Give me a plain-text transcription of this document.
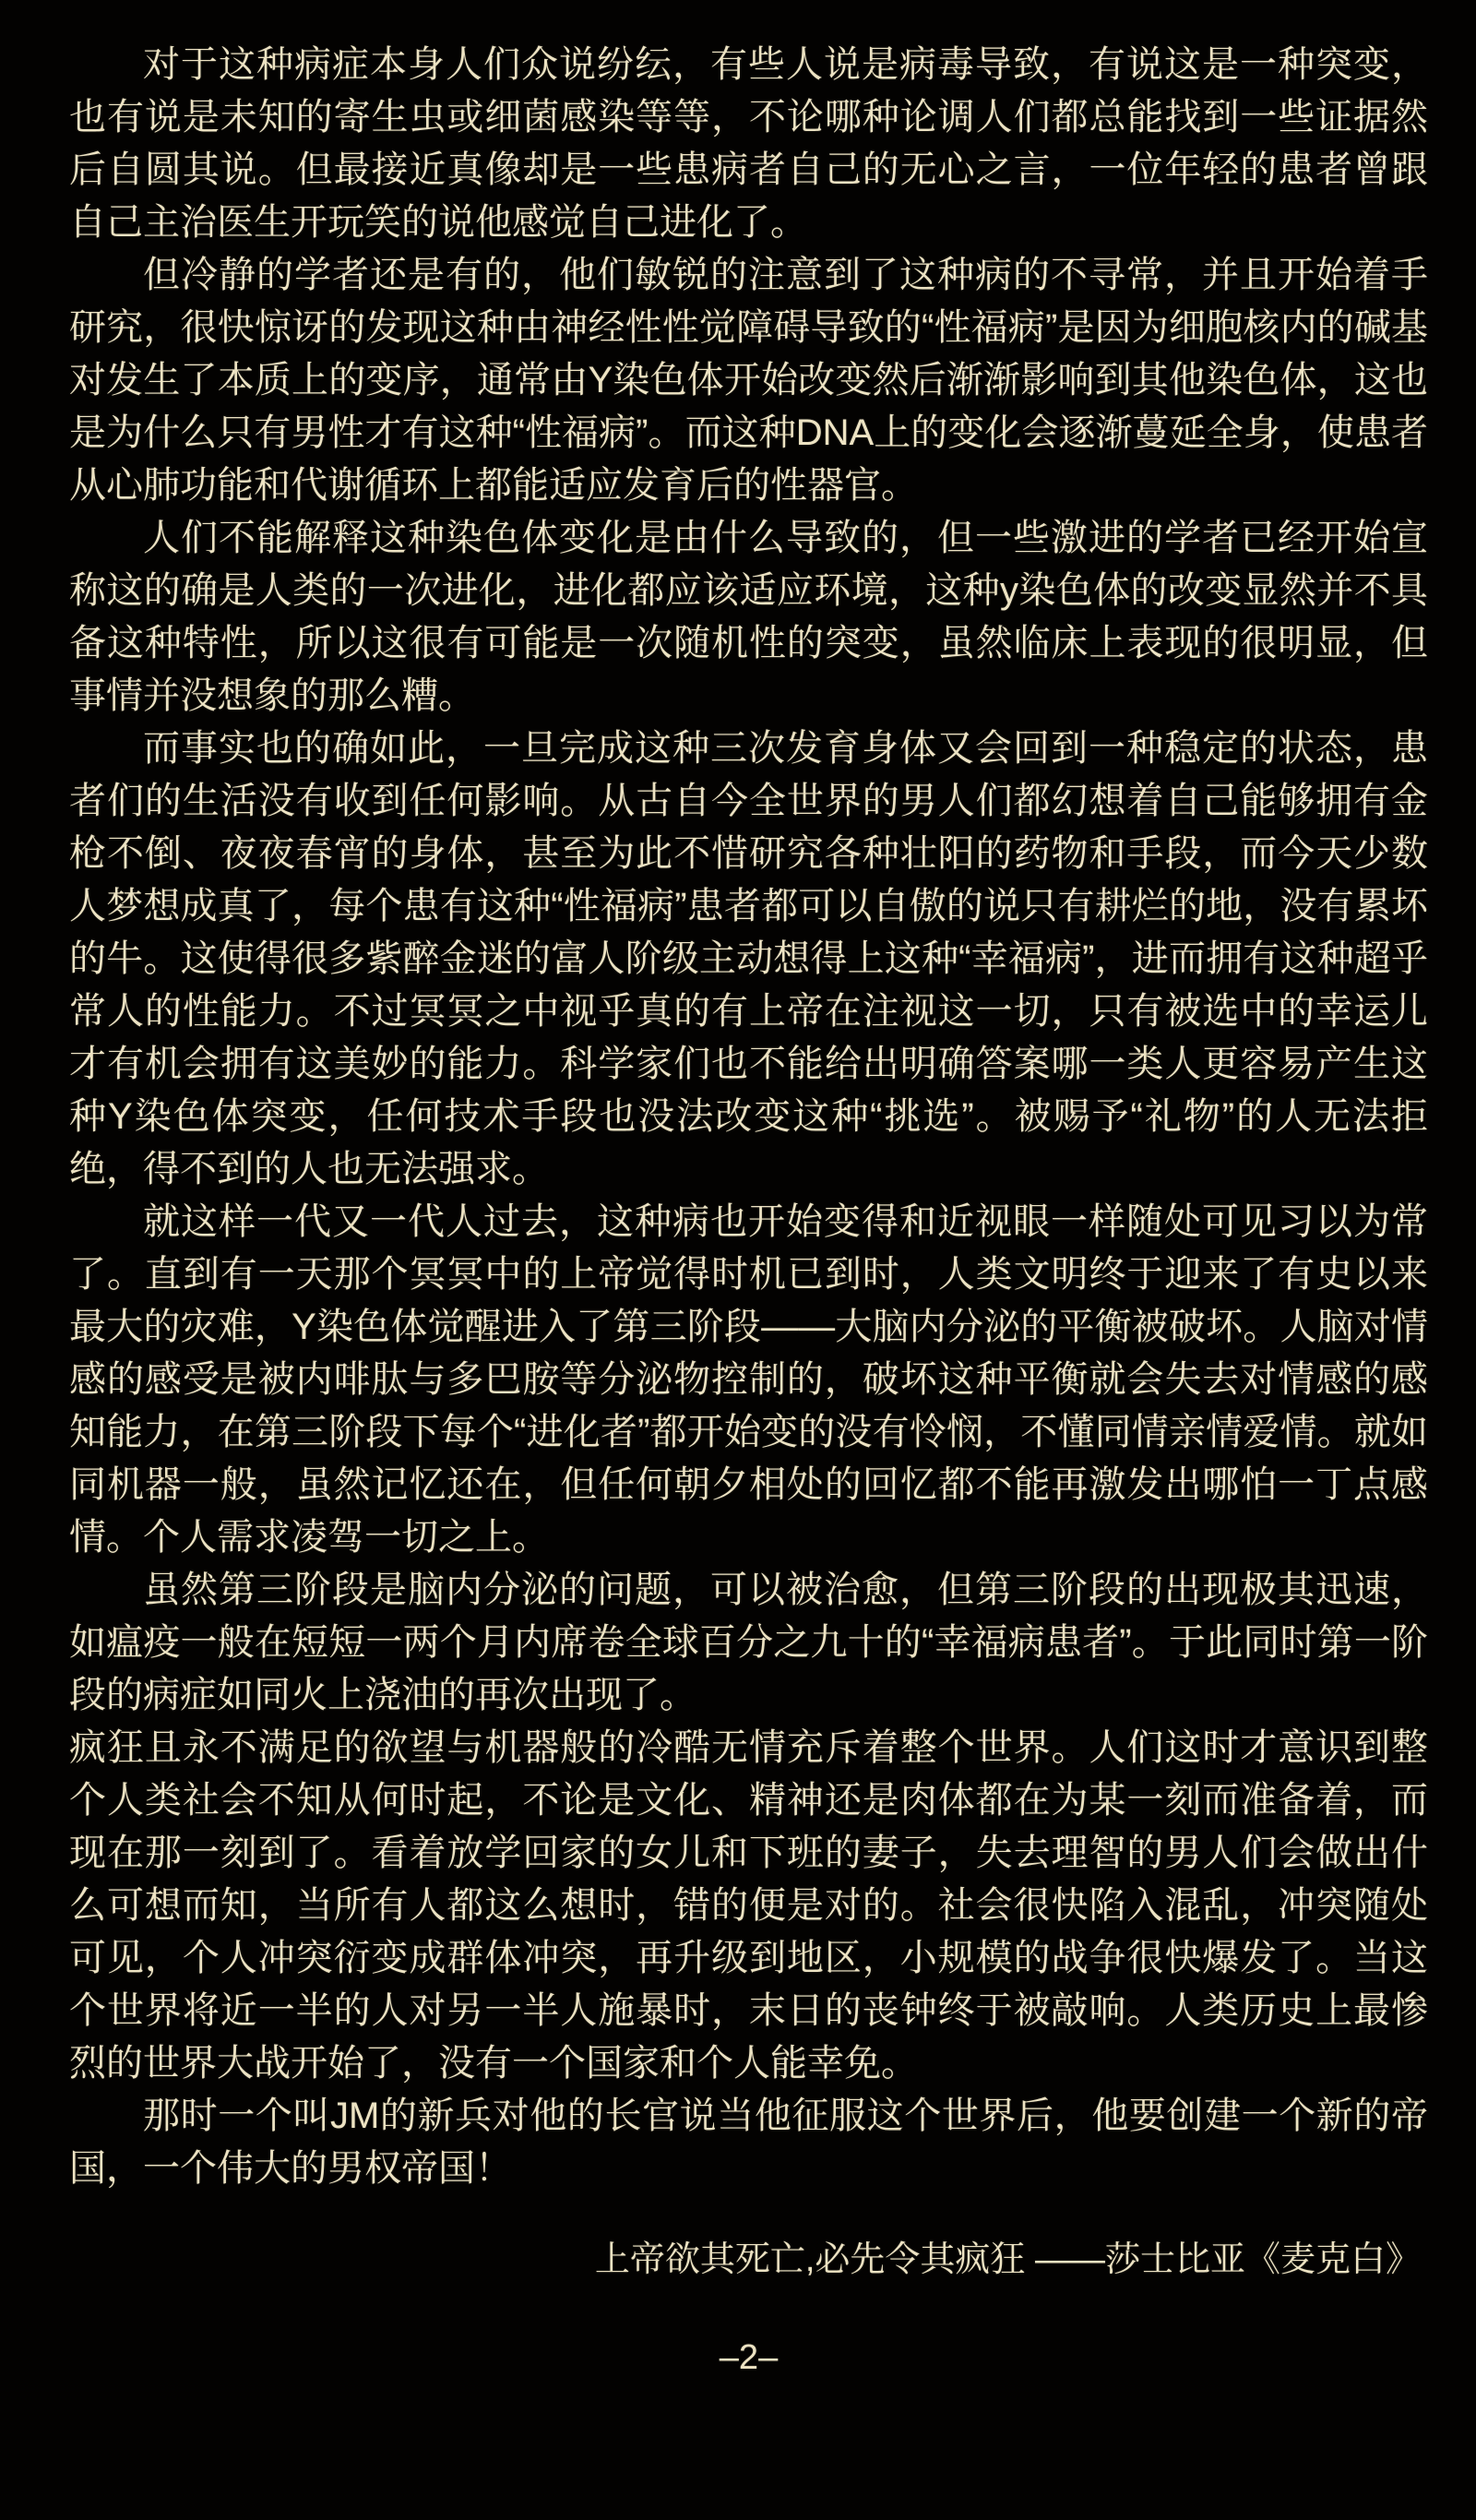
对于这种病症本身人们众说纷纭，有些人说是病毒导致，有说这是一种突变，也有说是未知的寄生虫或细菌感染等等，不论哪种论调人们都总能找到一些证据然后自圆其说。但最接近真像却是一些患病者自己的无心之言，一位年轻的患者曾跟自己主治医生开玩笑的说他感觉自己进化了。

但冷静的学者还是有的，他们敏锐的注意到了这种病的不寻常，并且开始着手研究，很快惊讶的发现这种由神经性性觉障碍导致的“性福病”是因为细胞核内的碱基对发生了本质上的变序，通常由Y染色体开始改变然后渐渐影响到其他染色体，这也是为什么只有男性才有这种“性福病”。而这种DNA上的变化会逐渐蔓延全身，使患者从心肺功能和代谢循环上都能适应发育后的性器官。

人们不能解释这种染色体变化是由什么导致的，但一些激进的学者已经开始宣称这的确是人类的一次进化，进化都应该适应环境，这种y染色体的改变显然并不具备这种特性，所以这很有可能是一次随机性的突变，虽然临床上表现的很明显，但事情并没想象的那么糟。

而事实也的确如此，一旦完成这种三次发育身体又会回到一种稳定的状态，患者们的生活没有收到任何影响。从古自今全世界的男人们都幻想着自己能够拥有金枪不倒、夜夜春宵的身体，甚至为此不惜研究各种壮阳的药物和手段，而今天少数人梦想成真了，每个患有这种“性福病”患者都可以自傲的说只有耕烂的地，没有累坏的牛。这使得很多紫醉金迷的富人阶级主动想得上这种“幸福病”，进而拥有这种超乎常人的性能力。不过冥冥之中视乎真的有上帝在注视这一切，只有被选中的幸运儿才有机会拥有这美妙的能力。科学家们也不能给出明确答案哪一类人更容易产生这种Y染色体突变，任何技术手段也没法改变这种“挑选”。被赐予“礼物”的人无法拒绝，得不到的人也无法强求。

就这样一代又一代人过去，这种病也开始变得和近视眼一样随处可见习以为常了。直到有一天那个冥冥中的上帝觉得时机已到时，人类文明终于迎来了有史以来最大的灾难，Y染色体觉醒进入了第三阶段——大脑内分泌的平衡被破坏。人脑对情感的感受是被内啡肽与多巴胺等分泌物控制的，破坏这种平衡就会失去对情感的感知能力，在第三阶段下每个“进化者”都开始变的没有怜悯，不懂同情亲情爱情。就如同机器一般，虽然记忆还在，但任何朝夕相处的回忆都不能再激发出哪怕一丁点感情。个人需求凌驾一切之上。

虽然第三阶段是脑内分泌的问题，可以被治愈，但第三阶段的出现极其迅速，如瘟疫一般在短短一两个月内席卷全球百分之九十的“幸福病患者”。于此同时第一阶段的病症如同火上浇油的再次出现了。

疯狂且永不满足的欲望与机器般的冷酷无情充斥着整个世界。人们这时才意识到整个人类社会不知从何时起，不论是文化、精神还是肉体都在为某一刻而准备着，而现在那一刻到了。看着放学回家的女儿和下班的妻子，失去理智的男人们会做出什么可想而知，当所有人都这么想时，错的便是对的。社会很快陷入混乱，冲突随处可见，个人冲突衍变成群体冲突，再升级到地区，小规模的战争很快爆发了。当这个世界将近一半的人对另一半人施暴时，末日的丧钟终于被敲响。人类历史上最惨烈的世界大战开始了，没有一个国家和个人能幸免。

那时一个叫JM的新兵对他的长官说当他征服这个世界后，他要创建一个新的帝国，一个伟大的男权帝国！

上帝欲其死亡,必先令其疯狂 ——莎士比亚《麦克白》
–2–
